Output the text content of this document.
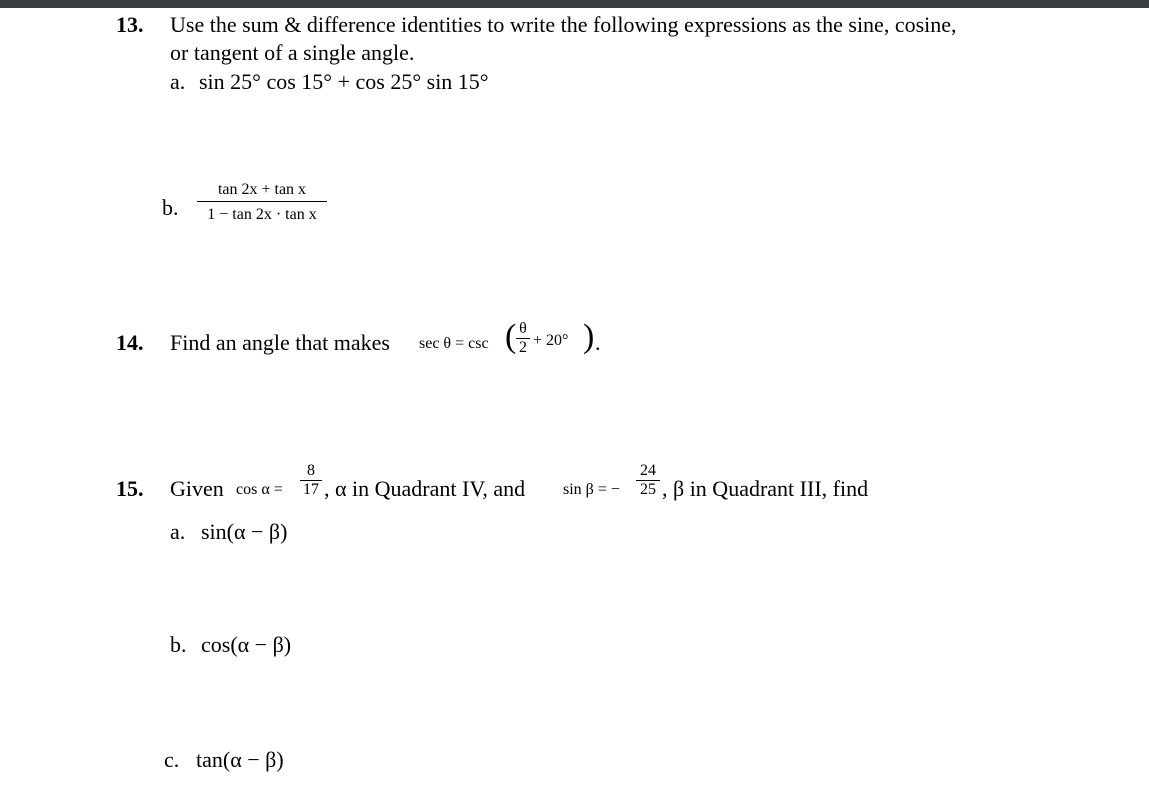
13. Use the sum & difference identities to write the following expressions as the sine, cosine,
or tangent of a single angle.
a. sin 25° cos 15° + cos 25° sin 15°
b. $\frac{\text{tan 2x + tan x}}{\text{1 − tan 2x · tan x}}$
14. Find an angle that makes sec θ = csc ( $\frac{\theta}{2} + 20^\circ$ ) .
15. Given $\cos \alpha = \frac{8}{17}$ , α in Quadrant IV, and sin β = − $\frac{24}{25}$ , β in Quadrant III, find
a. sin(α − β)
b. cos(α − β)
c. tan(α − β)
